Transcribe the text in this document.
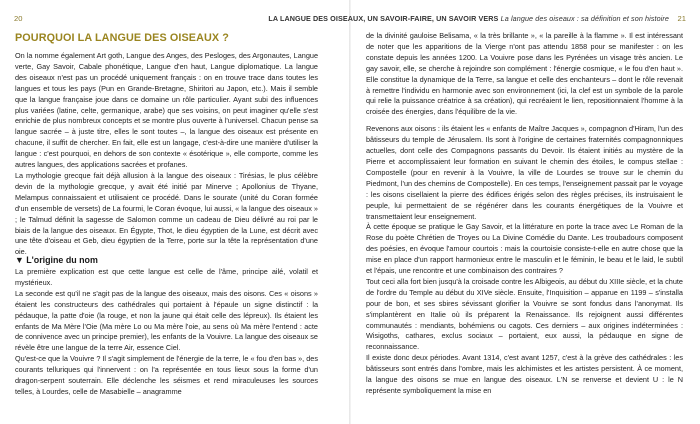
20	LA LANGUE DES OISEAUX, UN SAVOIR-FAIRE, UN SAVOIR VERS La langue des oiseaux : sa définition et son histoire 21
POURQUOI LA LANGUE DES OISEAUX ?

On la nomme également Art goth, Langue des Anges, des Pesloges, des Argonautes, Langue verte, Gay Savoir, Cabale phonétique, Langue d'en haut, Langue diplomatique. La langue des oiseaux n'est pas un procédé uniquement français : on en trouve trace dans toutes les langues et tous les pays (Pun en Grande-Bretagne, Shiritori au Japon, etc.). Mais il semble que la langue française joue dans ce domaine un rôle particulier. Ayant subi des influences plus variées (latine, celte, germanique, arabe) que ses voisins, on peut imaginer qu'elle s'est enrichie de plus nombreux concepts et se montre plus ouverte à l'universel. Chacun pense sa langue sacrée – à juste titre, elles le sont toutes –, la langue des oiseaux est présente en chacune, il suffit de chercher. En fait, elle est un langage, c'est-à-dire une manière d'utiliser la langue : c'est pourquoi, en dehors de son contexte « ésotérique », elle comporte, comme les autres langues, des applications sacrées et profanes.

La mythologie grecque fait déjà allusion à la langue des oiseaux : Tirésias, le plus célèbre devin de la mythologie grecque, y avait été initié par Minerve ; Apollonius de Thyane, Melampus connaissaient et utilisaient ce procédé. Dans le sourate (unité du Coran formée d'un ensemble de versets) de La fourmi, le Coran évoque, lui aussi, « la langue des oiseaux » ; le Talmud définit la sagesse de Salomon comme un cadeau de Dieu délivré au roi par le biais de la langue des oiseaux. En Égypte, Thot, le dieu égyptien de la Lune, est décrit avec une tête d'oiseau et Geb, dieu égyptien de la Terre, porte sur la tête la représentation d'une oie.

▼ L'origine du nom

La première explication est que cette langue est celle de l'âme, principe ailé, volatil et mystérieux.

La seconde est qu'il ne s'agit pas de la langue des oiseaux, mais des oisons. Ces « oisons » étaient les constructeurs des cathédrales qui portaient à l'épaule un signe distinctif : la pédauque, la patte d'oie (la rouge, et non la jaune qui était celle des lépreux). Ils étaient les enfants de Ma Mère l'Oie (Ma mère Lo ou Ma mère l'oie, au sens où Ma mère l'entend : acte de connivence avec un principe premier), les enfants de la Vouivre. La langue des oiseaux se révèle être une langue de la terre Air, essence Ciel.

Qu'est-ce que la Vouivre ? Il s'agit simplement de l'énergie de la terre, le « fou d'en bas », des courants telluriques qui l'innervent : on l'a représentée en tous lieux sous la forme d'un dragon-serpent souterrain. Elle déclenche les séismes et rend miraculeuses les sources telles, à Lourdes, celle de Masabielle – anagramme

de la divinité gauloise Belisama, « la très brillante », « la pareille à la flamme ». Il est intéressant de noter que les apparitions de la Vierge n'ont pas attendu 1858 pour se manifester : on les constate depuis les années 1200. La Vouivre pose dans les Pyrénées un visage très ancien. Le gay savoir, elle, se cherche à rejoindre son complément : l'énergie cosmique, « le fou d'en haut ». Elle constitue la dynamique de la Terre, sa langue et celle des enchanteurs – dont le rôle revenait à remettre l'individu en harmonie avec son environnement (ici, la clef est un symbole de la parole qui relie la puissance créatrice à sa création), qui recréaient le lien, repositionnaient l'homme à la croisée des énergies, dans l'équilibre de la vie.

Revenons aux oisons : ils étaient les « enfants de Maître Jacques », compagnon d'Hiram, l'un des bâtisseurs du temple de Jérusalem. Ils sont à l'origine de certaines fraternités compagnonniques actuelles, dont celle des Compagnons passants du Devoir. Ils étaient initiés au mystère de la Pierre et accomplissaient leur formation en suivant le chemin des étoiles, le compus stellae : Compostelle (pour en revenir à la Vouivre, la ville de Lourdes se trouve sur le chemin du Piedmont, l'un des chemins de Compostelle). En ces temps, l'enseignement passait par le voyage : les oisons cisellaient la pierre des édifices érigés selon des règles précises, ils instruisaient le peuple, lui permettaient de se régénérer dans les courants énergétiques de la Vouivre et transmettaient leur enseignement.

À cette époque se pratique le Gay Savoir, et la littérature en porte la trace avec Le Roman de la Rose du poète Chrétien de Troyes ou La Divine Comédie du Dante. Les troubadours composent des poésies, en évoque l'amour courtois : mais la courtoisie consiste-t-elle en autre chose que la mise en place d'un rapport harmonieux entre le masculin et le féminin, le beau et le laid, le subtil et l'épais, une rencontre et une combinaison des contraires ?

Tout ceci alla fort bien jusqu'à la croisade contre les Albigeois, au début du XIIIe siècle, et la chute de l'ordre du Temple au début du XIVe siècle. Ensuite, l'Inquisition – apparue en 1199 – s'installa pour de bon, et ses sbires sévissant glorifier la Vouivre se sont fondus dans l'anonymat. Ils s'implantèrent en Italie où ils préparent la Renaissance. Ils rejoignent aussi différentes communautés : mendiants, bohémiens ou cagots. Ces derniers – aux origines indéterminées : Wisigoths, cathares, exclus sociaux – portaient, eux aussi, la pédauque en signe de reconnaissance.

Il existe donc deux périodes. Avant 1314, c'est avant 1257, c'est à la grève des cathédrales : les bâtisseurs sont entrés dans l'ombre, mais les alchimistes et les artistes persistent. À ce moment, la langue des oisons se mue en langue des oiseaux. L'Ν se renverse et devient U : le N représente symboliquement la mise en
